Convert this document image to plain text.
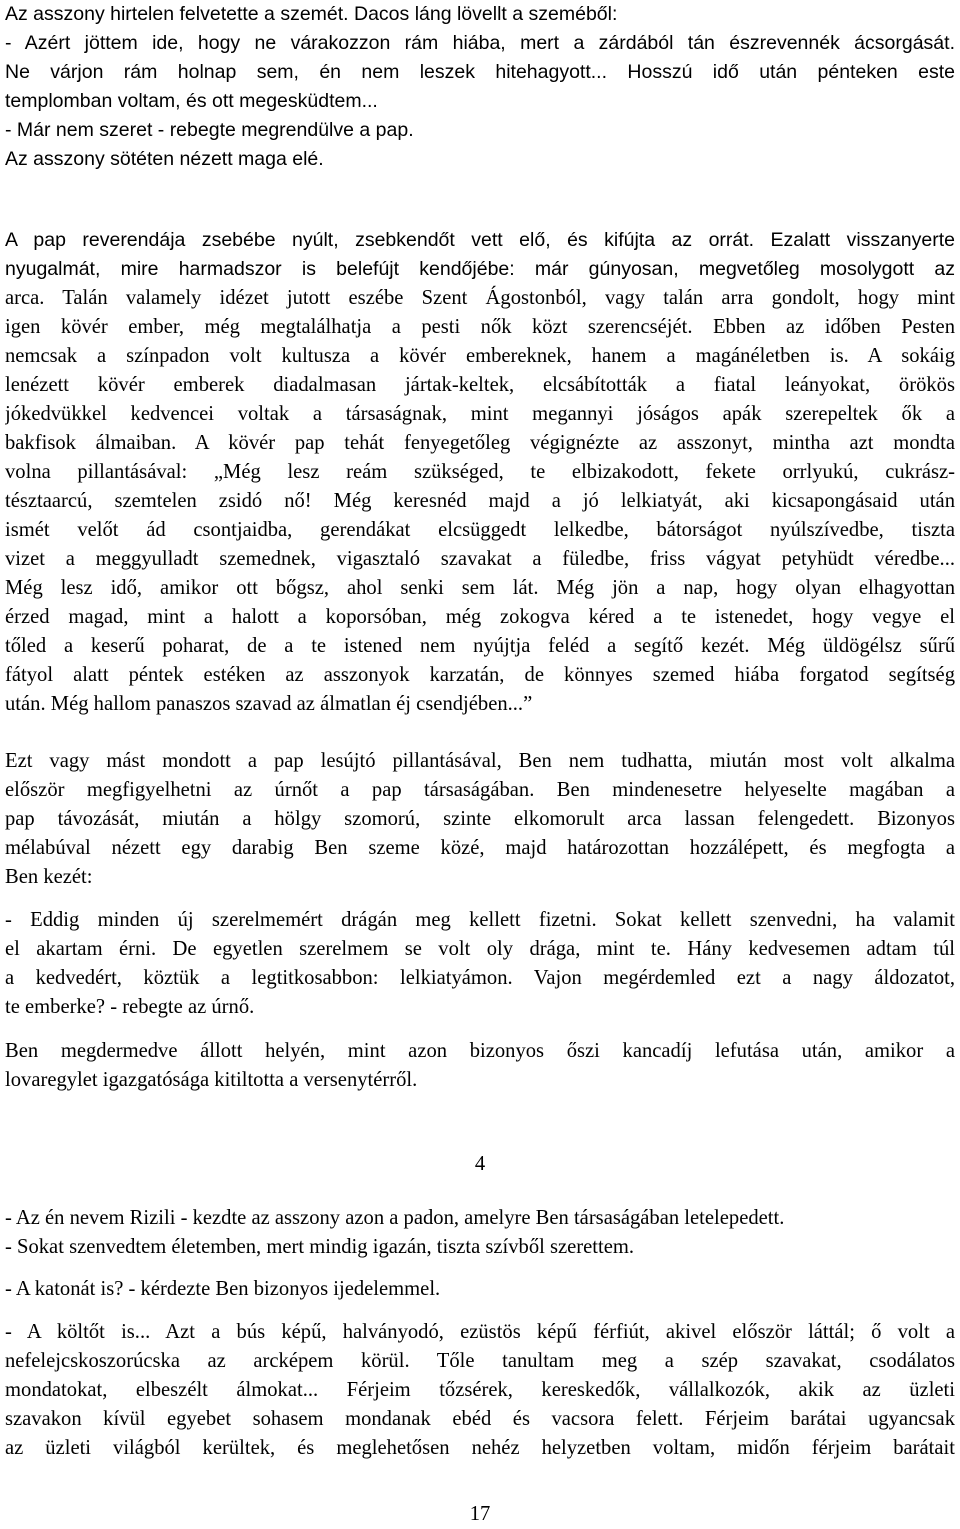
Az asszony hirtelen felvetette a szemét. Dacos láng lövellt a szeméből:
- Azért jöttem ide, hogy ne várakozzon rám hiába, mert a zárdából tán észrevennék ácsorgását.
Ne várjon rám holnap sem, én nem leszek hitehagyott... Hosszú idő után pénteken este
templomban voltam, és ott megesküdtem...
- Már nem szeret - rebegte megrendülve a pap.
Az asszony sötéten nézett maga elé.
A pap reverendája zsebébe nyúlt, zsebkendőt vett elő, és kifújta az orrát. Ezalatt visszanyerte
nyugalmát, mire harmadszor is belefújt kendőjébe: már gúnyosan, megvetőleg mosolygott az
arca. Talán valamely idézet jutott eszébe Szent Ágostonból, vagy talán arra gondolt, hogy mint
igen kövér ember, még megtalálhatja a pesti nők közt szerencséjét. Ebben az időben Pesten
nemcsak a színpadon volt kultusza a kövér embereknek, hanem a magánéletben is. A sokáig
lenézett kövér emberek diadalmasan jártak-keltek, elcsábították a fiatal leányokat, örökös
jókedvükkel kedvencei voltak a társaságnak, mint megannyi jóságos apák szerepeltek ők a
bakfisok álmaiban. A kövér pap tehát fenyegetőleg végignézte az asszonyt, mintha azt mondta
volna pillantásával: „Még lesz reám szükséged, te elbizakodott, fekete orrlyukú, cukrász-
tésztaarcú, szemtelen zsidó nő! Még keresnéd majd a jó lelkiatyát, aki kicsapongásaid után
ismét velőt ád csontjaidba, gerendákat elcsüggedt lelkedbe, bátorságot nyúlszívedbe, tiszta
vizet a meggyulladt szemednek, vigasztaló szavakat a füledbe, friss vágyat petyhüdt véredbe...
Még lesz idő, amikor ott bőgsz, ahol senki sem lát. Még jön a nap, hogy olyan elhagyottan
érzed magad, mint a halott a koporsóban, még zokogva kéred a te istenedet, hogy vegye el
tőled a keserű poharat, de a te istened nem nyújtja feléd a segítő kezét. Még üldögélsz sűrű
fátyol alatt péntek estéken az asszonyok karzatán, de könnyes szemed hiába forgatod segítség
után. Még hallom panaszos szavad az álmatlan éj csendjében...”
Ezt vagy mást mondott a pap lesújtó pillantásával, Ben nem tudhatta, miután most volt alkalma
először megfigyelhetni az úrnőt a pap társaságában. Ben mindenesetre helyeselte magában a
pap távozását, miután a hölgy szomorú, szinte elkomorult arca lassan felengedett. Bizonyos
mélabúval nézett egy darabig Ben szeme közé, majd határozottan hozzálépett, és megfogta a
Ben kezét:
- Eddig minden új szerelmemért drágán meg kellett fizetni. Sokat kellett szenvedni, ha valamit
el akartam érni. De egyetlen szerelmem se volt oly drága, mint te. Hány kedvesemen adtam túl
a kedvedért, köztük a legtitkosabbon: lelkiatyámon. Vajon megérdemled ezt a nagy áldozatot,
te emberke? - rebegte az úrnő.
Ben megdermedve állott helyén, mint azon bizonyos őszi kancadíj lefutása után, amikor a
lovaregylet igazgatósága kitiltotta a versenytérről.
4
- Az én nevem Rizili - kezdte az asszony azon a padon, amelyre Ben társaságában letelepedett.
- Sokat szenvedtem életemben, mert mindig igazán, tiszta szívből szerettem.
- A katonát is? - kérdezte Ben bizonyos ijedelemmel.
- A költőt is... Azt a bús képű, halványodó, ezüstös képű férfiút, akivel először láttál; ő volt a
nefelejcskoszorúcska az arcképem körül. Tőle tanultam meg a szép szavakat, csodálatos
mondatokat, elbeszélt álmokat... Férjeim tőzsérek, kereskedők, vállalkozók, akik az üzleti
szavakon kívül egyebet sohasem mondanak ebéd és vacsora felett. Férjeim barátai ugyancsak
az üzleti világból kerültek, és meglehetősen nehéz helyzetben voltam, midőn férjeim barátait
17
